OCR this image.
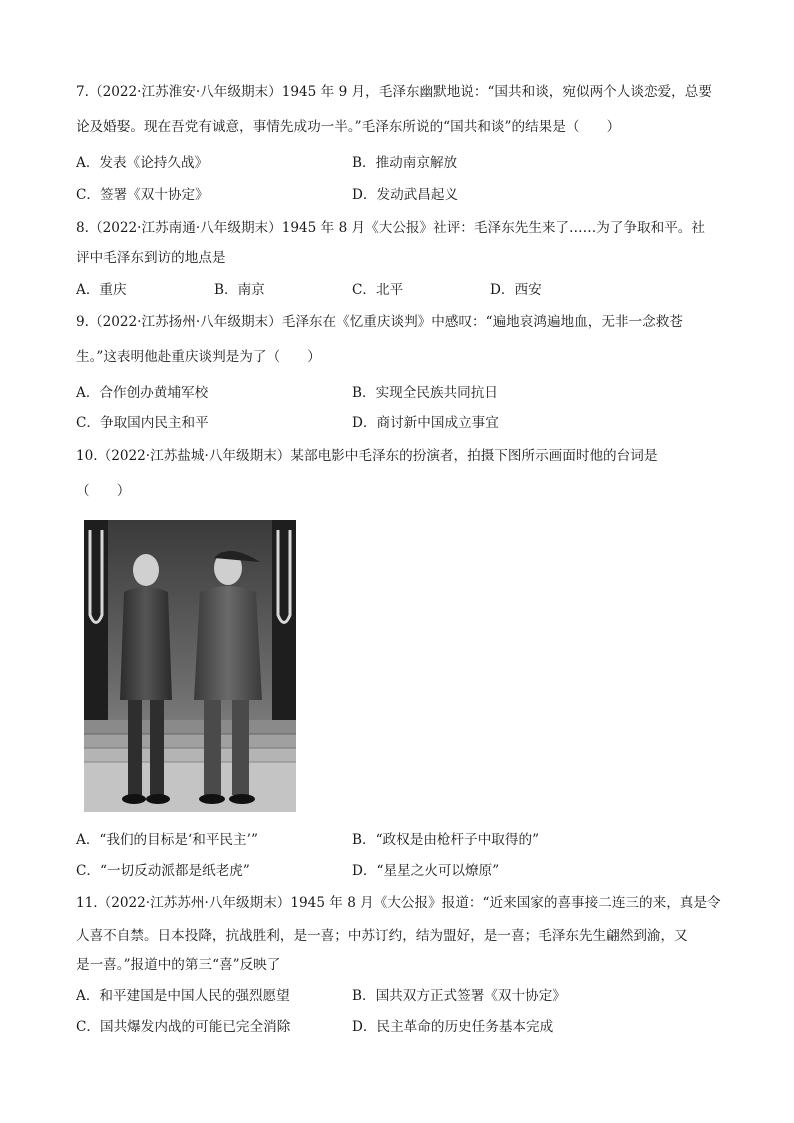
7.（2022·江苏淮安·八年级期末）1945 年 9 月，毛泽东幽默地说：“国共和谈，宛似两个人谈恋爱，总要
论及婚娶。现在吾党有诚意，事情先成功一半。”毛泽东所说的“国共和谈”的结果是（　　）
A．发表《论持久战》	B．推动南京解放
C．签署《双十协定》	D．发动武昌起义
8.（2022·江苏南通·八年级期末）1945 年 8 月《大公报》社评：毛泽东先生来了……为了争取和平。社
评中毛泽东到访的地点是
A．重庆	B．南京	C．北平	D．西安
9.（2022·江苏扬州·八年级期末）毛泽东在《忆重庆谈判》中感叹：“遍地哀鸿遍地血，无非一念救苍
生。”这表明他赴重庆谈判是为了（　　）
A．合作创办黄埔军校	B．实现全民族共同抗日
C．争取国内民主和平	D．商讨新中国成立事宜
10.（2022·江苏盐城·八年级期末）某部电影中毛泽东的扮演者，拍摄下图所示画面时他的台词是
（　　）
A．“我们的目标是‘和平民主’”	B．“政权是由枪杆子中取得的”
C．“一切反动派都是纸老虎”	D．“星星之火可以燎原”
11.（2022·江苏苏州·八年级期末）1945 年 8 月《大公报》报道：“近来国家的喜事接二连三的来，真是令
人喜不自禁。日本投降，抗战胜利，是一喜；中苏订约，结为盟好，是一喜；毛泽东先生翩然到渝，又
是一喜。”报道中的第三“喜”反映了
A．和平建国是中国人民的强烈愿望	B．国共双方正式签署《双十协定》
C．国共爆发内战的可能已完全消除	D．民主革命的历史任务基本完成
